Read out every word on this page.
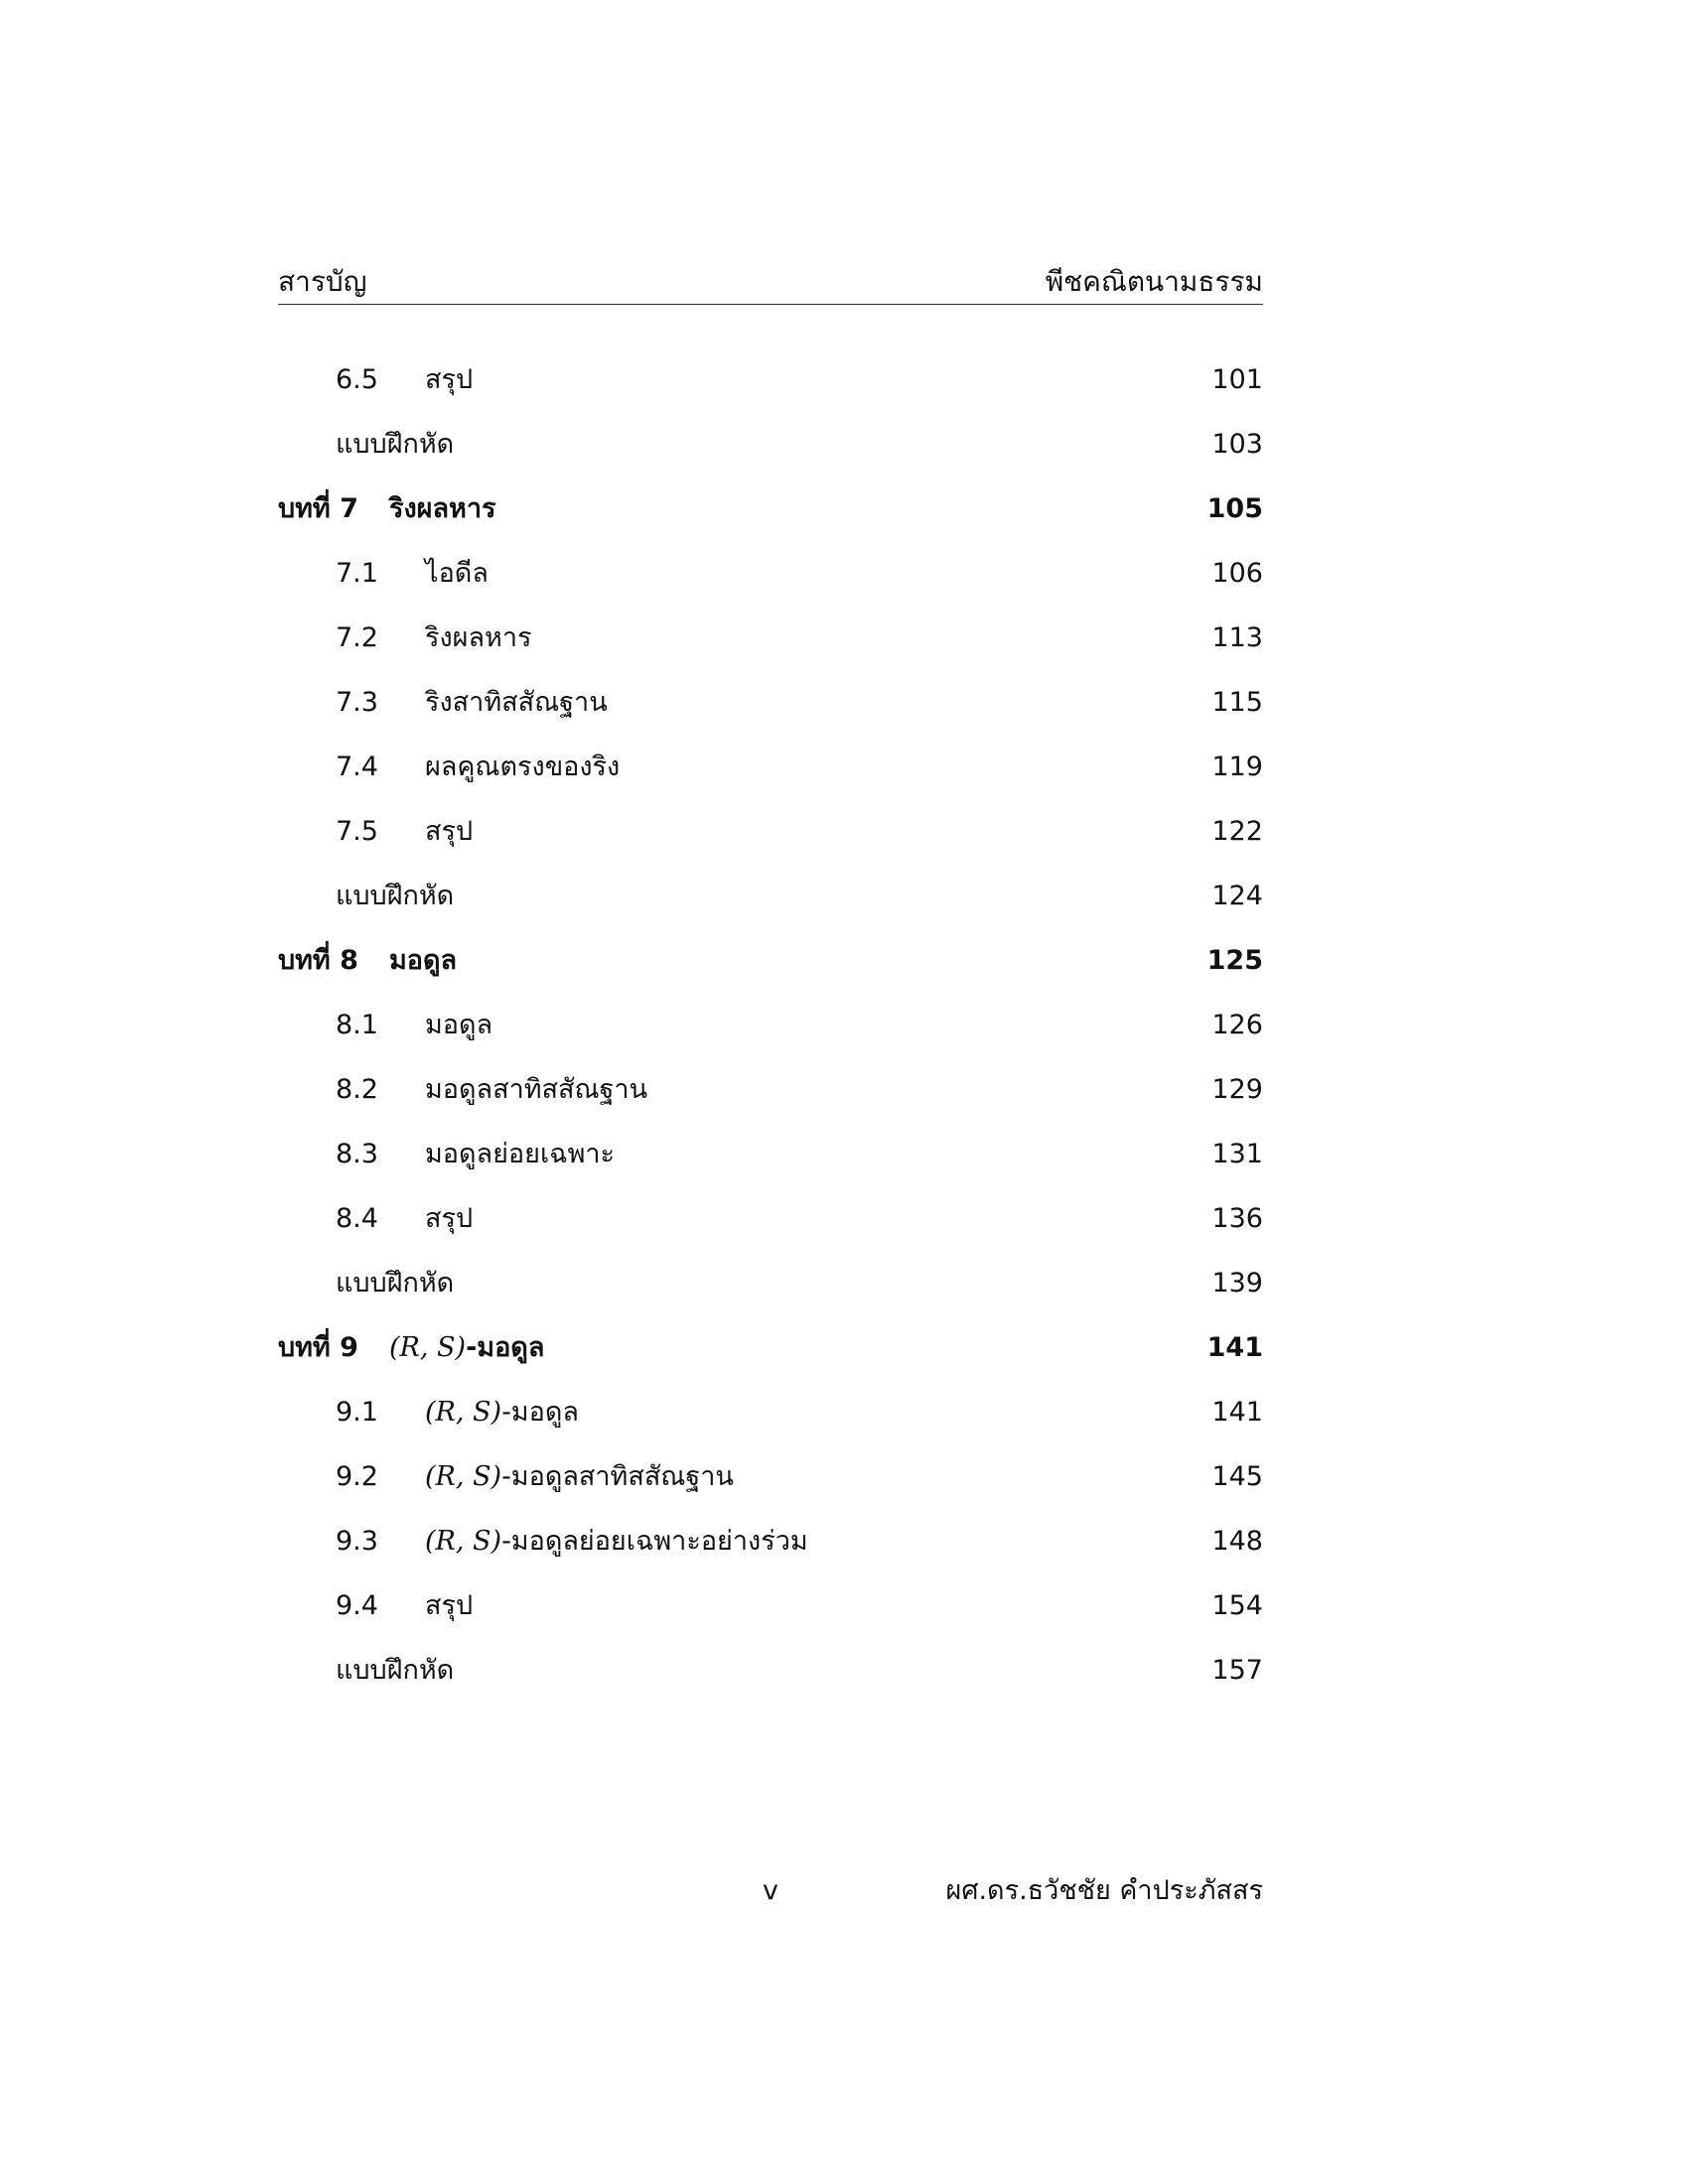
สารบัญ	พีชคณิตนามธรรม
6.5 สรุป	101
แบบฝึกหัด	103
บทที่ 7 ริงผลหาร	105
7.1 ไอดีล	106
7.2 ริงผลหาร	113
7.3 ริงสาทิสสัณฐาน	115
7.4 ผลคูณตรงของริง	119
7.5 สรุป	122
แบบฝึกหัด	124
บทที่ 8 มอดูล	125
8.1 มอดูล	126
8.2 มอดูลสาทิสสัณฐาน	129
8.3 มอดูลย่อยเฉพาะ	131
8.4 สรุป	136
แบบฝึกหัด	139
บทที่ 9 (R, S)-มอดูล	141
9.1 (R, S)-มอดูล	141
9.2 (R, S)-มอดูลสาทิสสัณฐาน	145
9.3 (R, S)-มอดูลย่อยเฉพาะอย่างร่วม	148
9.4 สรุป	154
แบบฝึกหัด	157
v	ผศ.ดร.ธวัชชัย คำประภัสสร
